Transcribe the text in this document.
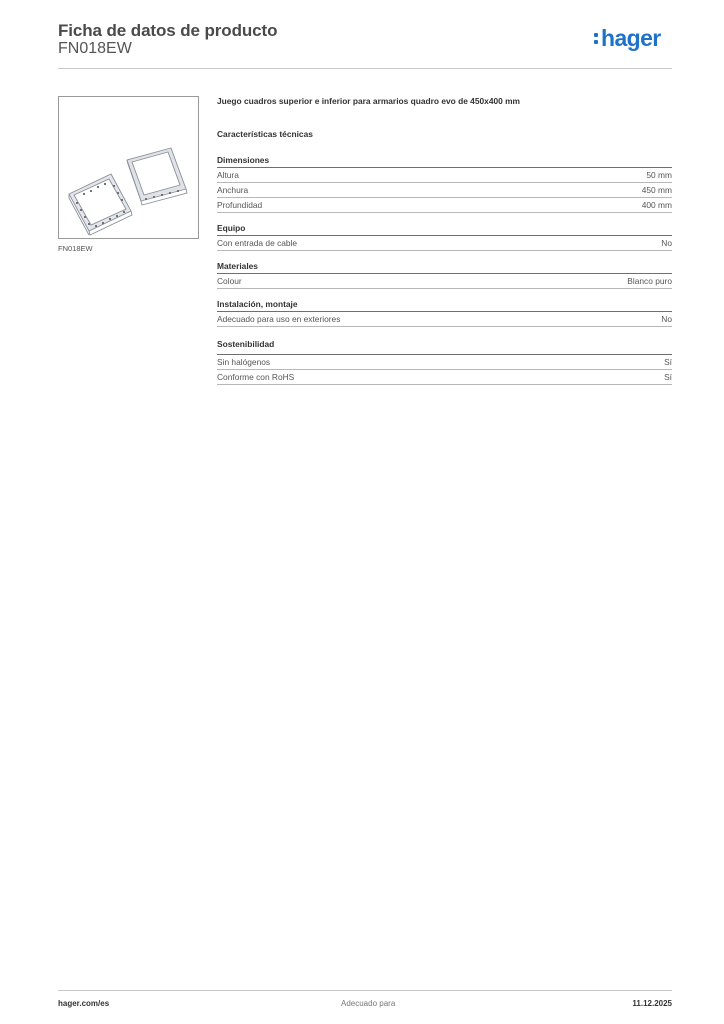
Ficha de datos de producto
FN018EW	hager
FN018EW
Juego cuadros superior e inferior para armarios quadro evo de 450x400 mm
Características técnicas
Dimensiones
Altura	50 mm
Anchura	450 mm
Profundidad	400 mm
Equipo
Con entrada de cable	No
Materiales
Colour	Blanco puro
Instalación, montaje
Adecuado para uso en exteriores	No
Sostenibilidad
Sin halógenos	Sí
Conforme con RoHS	Sí
hager.com/es	Adecuado para	11.12.2025
